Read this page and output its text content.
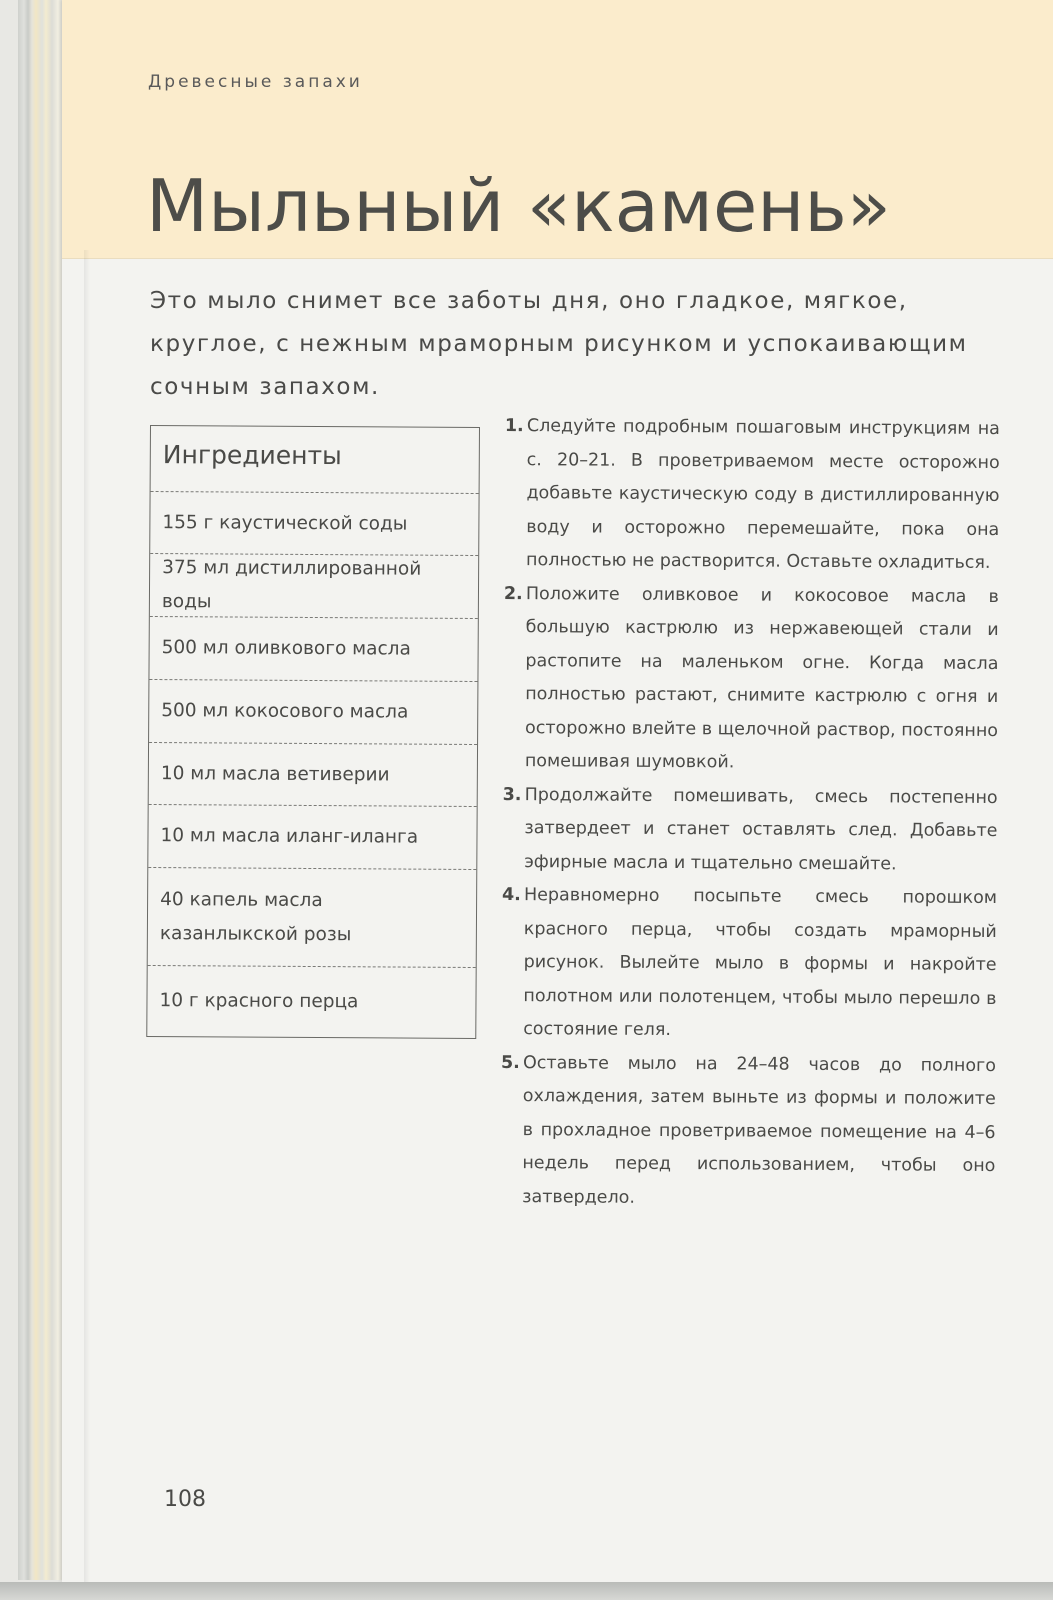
Древесные запахи
Мыльный «камень»

Это мыло снимет все заботы дня, оно гладкое, мягкое, круглое, с нежным мраморным рисунком и успокаивающим сочным запахом.

Ингредиенты
155 г каустической соды
375 мл дистиллированной воды
500 мл оливкового масла
500 мл кокосового масла
10 мл масла ветиверии
10 мл масла иланг-иланга
40 капель масла казанлыкской розы
10 г красного перца
1. Следуйте подробным пошаговым инструкциям на с. 20–21. В проветриваемом месте осторожно добавьте каустическую соду в дистиллированную воду и осторожно перемешайте, пока она полностью не растворится. Оставьте охладиться.
2. Положите оливковое и кокосовое масла в большую кастрюлю из нержавеющей стали и растопите на маленьком огне. Когда масла полностью растают, снимите кастрюлю с огня и осторожно влейте в щелочной раствор, постоянно помешивая шумовкой.
3. Продолжайте помешивать, смесь постепенно затвердеет и станет оставлять след. Добавьте эфирные масла и тщательно смешайте.
4. Неравномерно посыпьте смесь порошком красного перца, чтобы создать мраморный рисунок. Вылейте мыло в формы и накройте полотном или полотенцем, чтобы мыло перешло в состояние геля.
5. Оставьте мыло на 24–48 часов до полного охлаждения, затем выньте из формы и положите в прохладное проветриваемое помещение на 4–6 недель перед использованием, чтобы оно затвердело.
108
